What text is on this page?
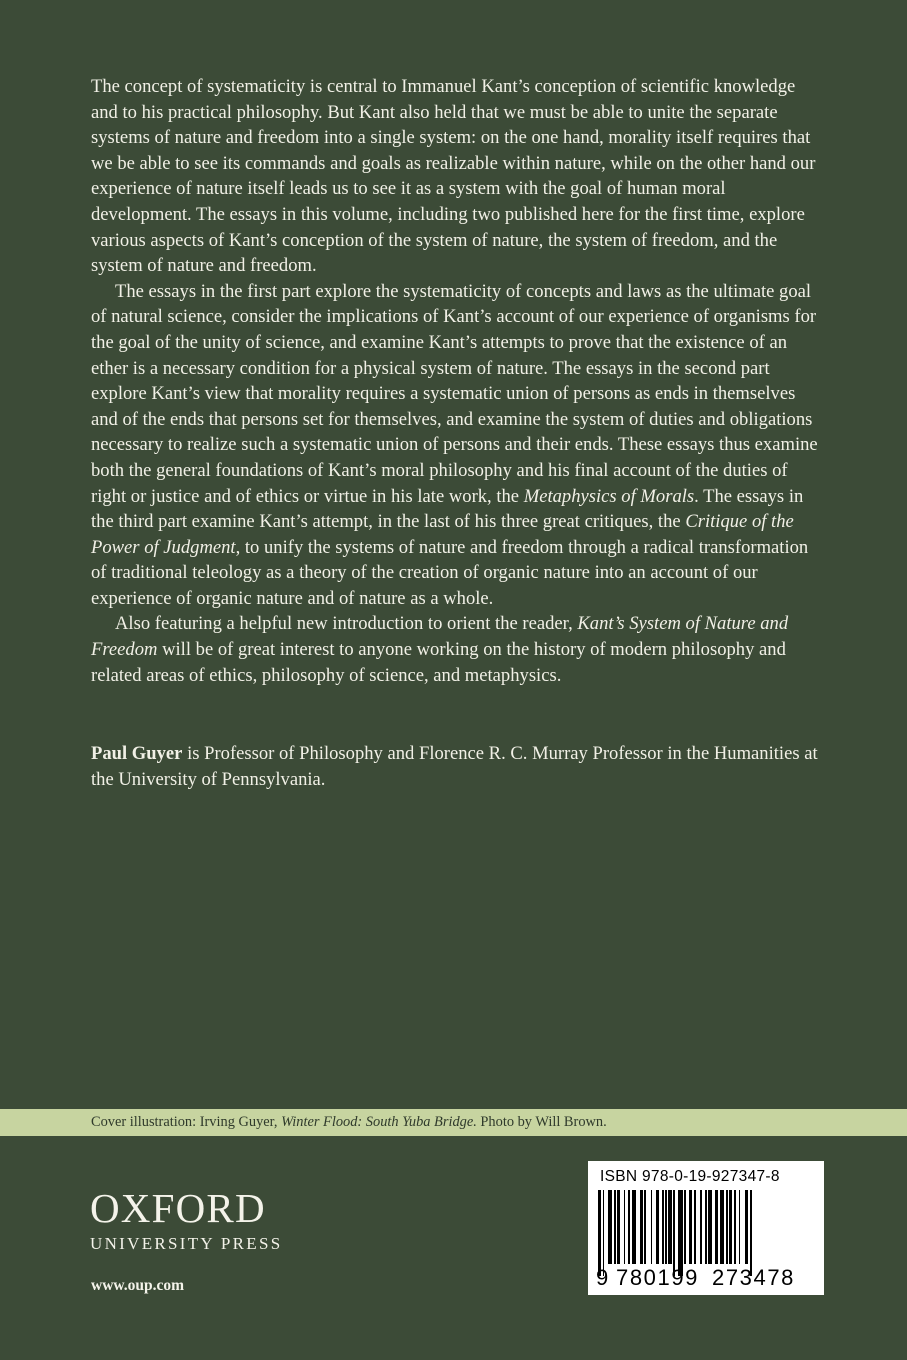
The concept of systematicity is central to Immanuel Kant’s conception of scientific knowledge and to his practical philosophy. But Kant also held that we must be able to unite the separate systems of nature and freedom into a single system: on the one hand, morality itself requires that we be able to see its commands and goals as realizable within nature, while on the other hand our experience of nature itself leads us to see it as a system with the goal of human moral development. The essays in this volume, including two published here for the first time, explore various aspects of Kant’s conception of the system of nature, the system of freedom, and the system of nature and freedom.

The essays in the first part explore the systematicity of concepts and laws as the ultimate goal of natural science, consider the implications of Kant’s account of our experience of organisms for the goal of the unity of science, and examine Kant’s attempts to prove that the existence of an ether is a necessary condition for a physical system of nature. The essays in the second part explore Kant’s view that morality requires a systematic union of persons as ends in themselves and of the ends that persons set for themselves, and examine the system of duties and obligations necessary to realize such a systematic union of persons and their ends. These essays thus examine both the general foundations of Kant’s moral philosophy and his final account of the duties of right or justice and of ethics or virtue in his late work, the Metaphysics of Morals. The essays in the third part examine Kant’s attempt, in the last of his three great critiques, the Critique of the Power of Judgment, to unify the systems of nature and freedom through a radical transformation of traditional teleology as a theory of the creation of organic nature into an account of our experience of organic nature and of nature as a whole.

Also featuring a helpful new introduction to orient the reader, Kant’s System of Nature and Freedom will be of great interest to anyone working on the history of modern philosophy and related areas of ethics, philosophy of science, and metaphysics.

Paul Guyer is Professor of Philosophy and Florence R. C. Murray Professor in the Humanities at the University of Pennsylvania.
Cover illustration: Irving Guyer, Winter Flood: South Yuba Bridge. Photo by Will Brown.
OXFORD
UNIVERSITY PRESS
www.oup.com
ISBN 978-0-19-927347-8
9 780199 273478
